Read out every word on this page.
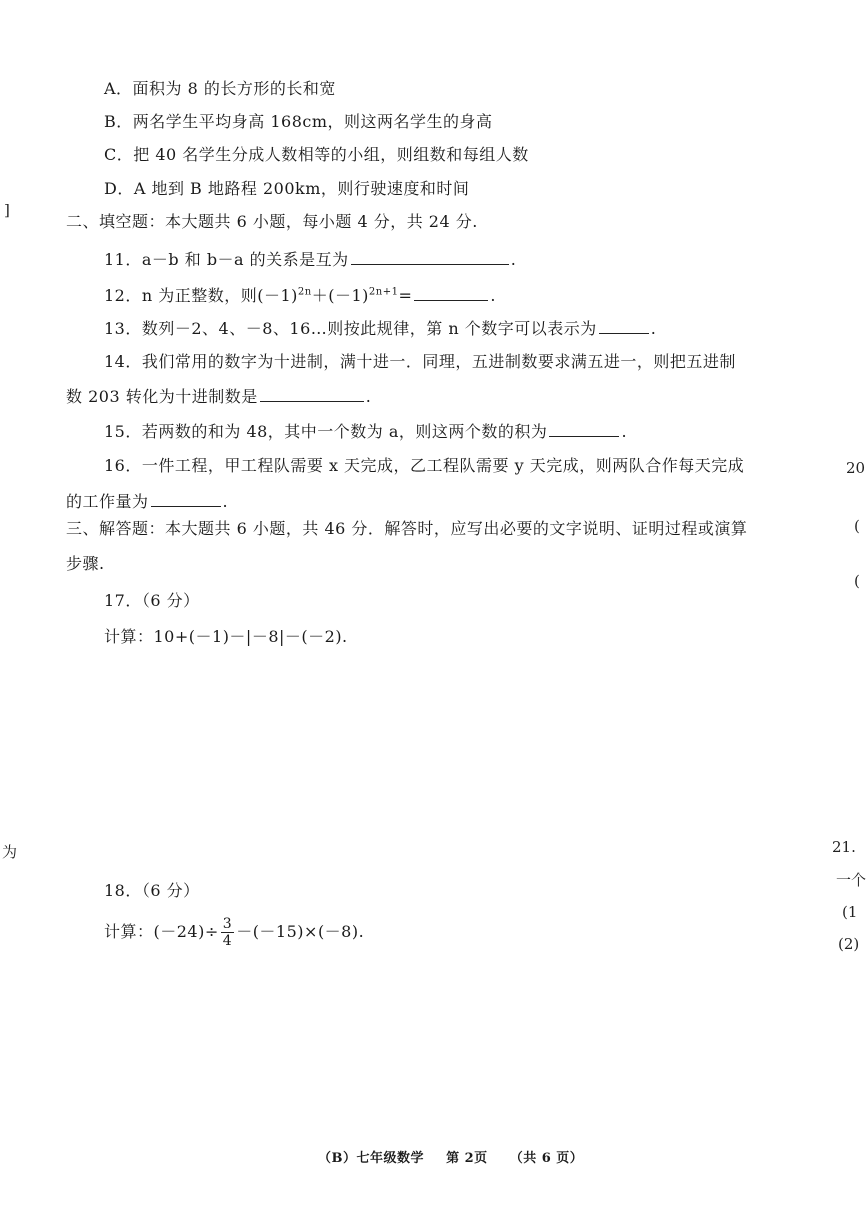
A．面积为 8 的长方形的长和宽
B．两名学生平均身高 168cm，则这两名学生的身高
C．把 40 名学生分成人数相等的小组，则组数和每组人数
D．A 地到 B 地路程 200km，则行驶速度和时间
二、填空题：本大题共 6 小题，每小题 4 分，共 24 分.
11．a－b 和 b－a 的关系是互为	.
12．n 为正整数，则$(-1)^{2n}+(-1)^{2n+1}=$	.
13．数列－2、4、－8、16…则按此规律，第 n 个数字可以表示为	.
14．我们常用的数字为十进制，满十进一．同理，五进制数要求满五进一，则把五进制
数 203 转化为十进制数是	.
15．若两数的和为 48，其中一个数为 a，则这两个数的积为	.
16．一件工程，甲工程队需要 x 天完成，乙工程队需要 y 天完成，则两队合作每天完成
的工作量为	.
三、解答题：本大题共 6 小题，共 46 分．解答时，应写出必要的文字说明、证明过程或演算
步骤.
17．（6 分）
计算：10+(－1)－|－8|－(－2).
18．（6 分）
计算：$(-24)\div \frac{3}{4} -(-15)\times(-8)$.
（B）七年级数学 第 2页 （共 6 页）
]
为
20
(
(
21.
一个
(1
(2)
